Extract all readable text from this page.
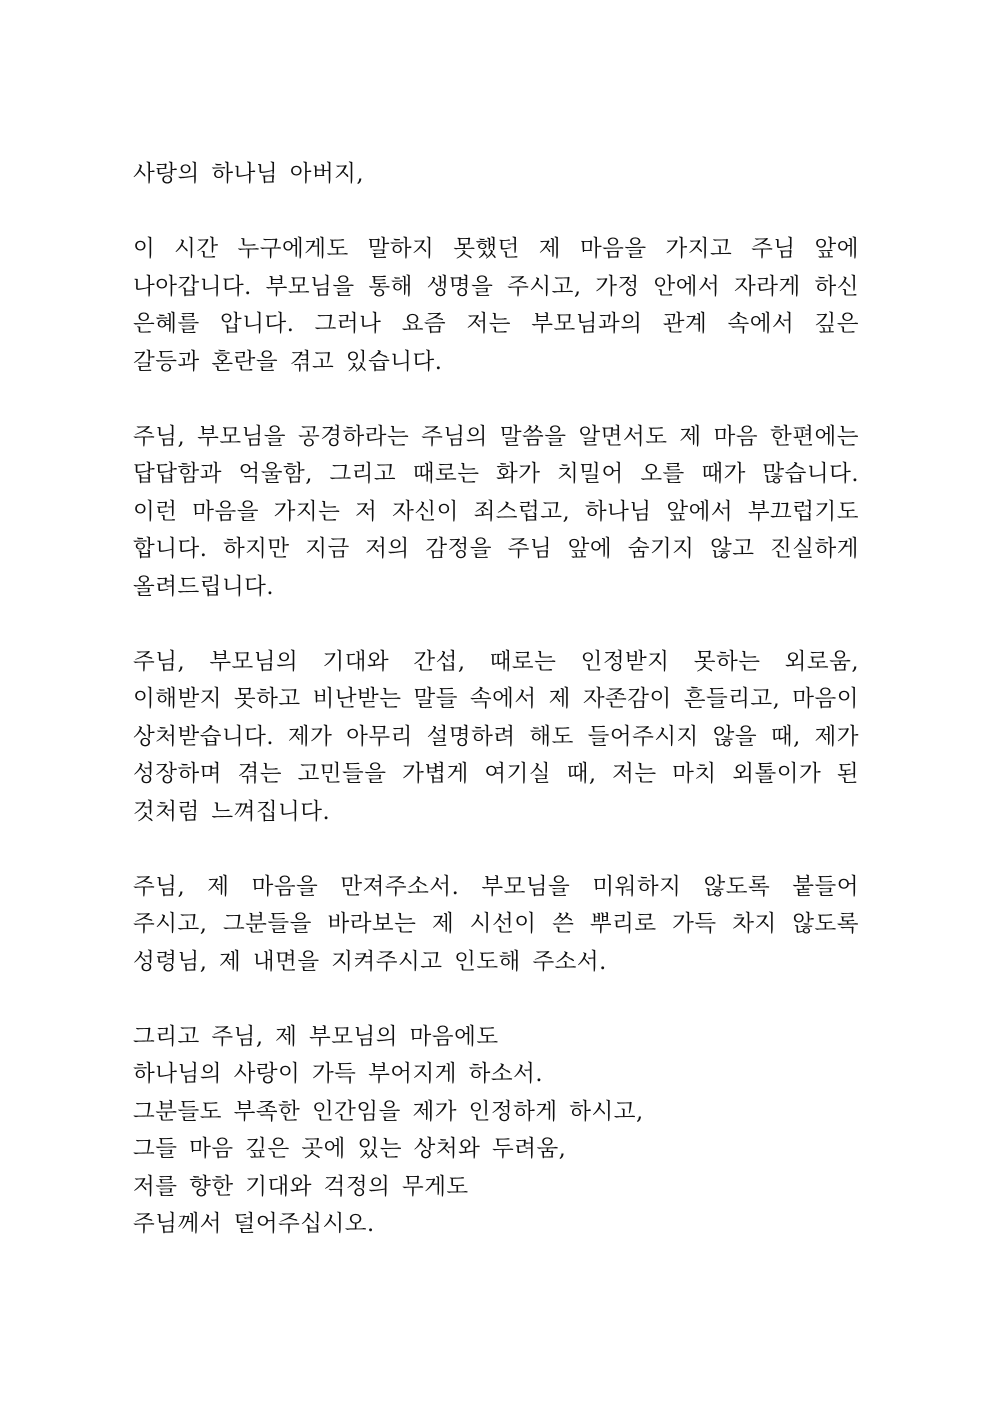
사랑의 하나님 아버지,

이 시간 누구에게도 말하지 못했던 제 마음을 가지고 주님 앞에 나아갑니다. 부모님을 통해 생명을 주시고, 가정 안에서 자라게 하신 은혜를 압니다. 그러나 요즘 저는 부모님과의 관계 속에서 깊은 갈등과 혼란을 겪고 있습니다.

주님, 부모님을 공경하라는 주님의 말씀을 알면서도 제 마음 한편에는 답답함과 억울함, 그리고 때로는 화가 치밀어 오를 때가 많습니다. 이런 마음을 가지는 저 자신이 죄스럽고, 하나님 앞에서 부끄럽기도 합니다. 하지만 지금 저의 감정을 주님 앞에 숨기지 않고 진실하게 올려드립니다.

주님, 부모님의 기대와 간섭, 때로는 인정받지 못하는 외로움, 이해받지 못하고 비난받는 말들 속에서 제 자존감이 흔들리고, 마음이 상처받습니다. 제가 아무리 설명하려 해도 들어주시지 않을 때, 제가 성장하며 겪는 고민들을 가볍게 여기실 때, 저는 마치 외톨이가 된 것처럼 느껴집니다.

주님, 제 마음을 만져주소서. 부모님을 미워하지 않도록 붙들어 주시고, 그분들을 바라보는 제 시선이 쓴 뿌리로 가득 차지 않도록 성령님, 제 내면을 지켜주시고 인도해 주소서.

그리고 주님, 제 부모님의 마음에도
하나님의 사랑이 가득 부어지게 하소서.
그분들도 부족한 인간임을 제가 인정하게 하시고,
그들 마음 깊은 곳에 있는 상처와 두려움,
저를 향한 기대와 걱정의 무게도
주님께서 덜어주십시오.
